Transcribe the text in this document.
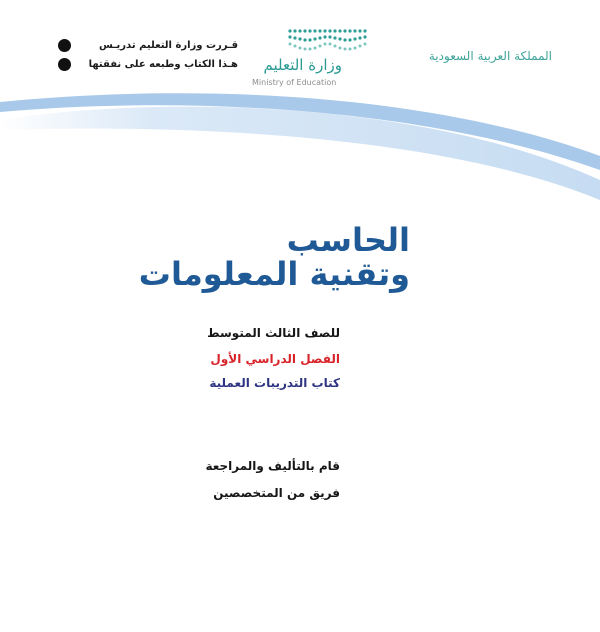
المملكة العربية السعودية
وزارة التعليم
Ministry of Education
قـررت وزارة التعليم تدريـس
هـذا الكتاب وطبعه على نفقتها
الحاسب
وتقنية المعلومات
للصف الثالث المتوسط
الفصل الدراسي الأول
كتاب التدريبات العملية
قام بالتأليف والمراجعة
فريق من المتخصصين
